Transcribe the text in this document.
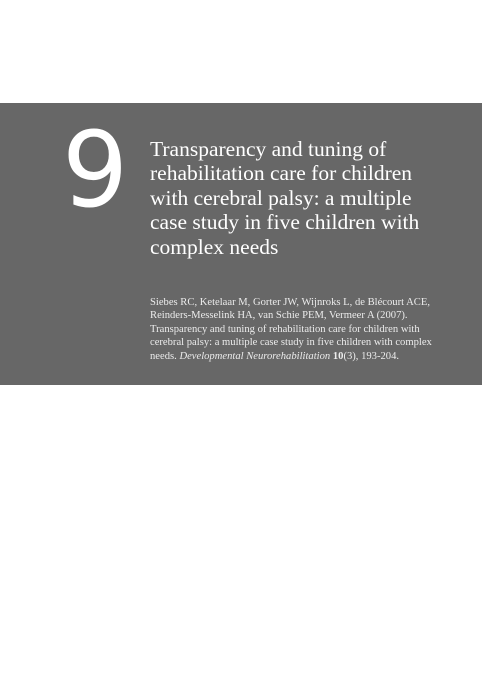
9 Transparency and tuning of rehabilitation care for children with cerebral palsy: a multiple case study in five children with complex needs

Siebes RC, Ketelaar M, Gorter JW, Wijnroks L, de Blécourt ACE, Reinders-Messelink HA, van Schie PEM, Vermeer A (2007). Transparency and tuning of rehabilitation care for children with cerebral palsy: a multiple case study in five children with complex needs. Developmental Neurorehabilitation 10(3), 193-204.
